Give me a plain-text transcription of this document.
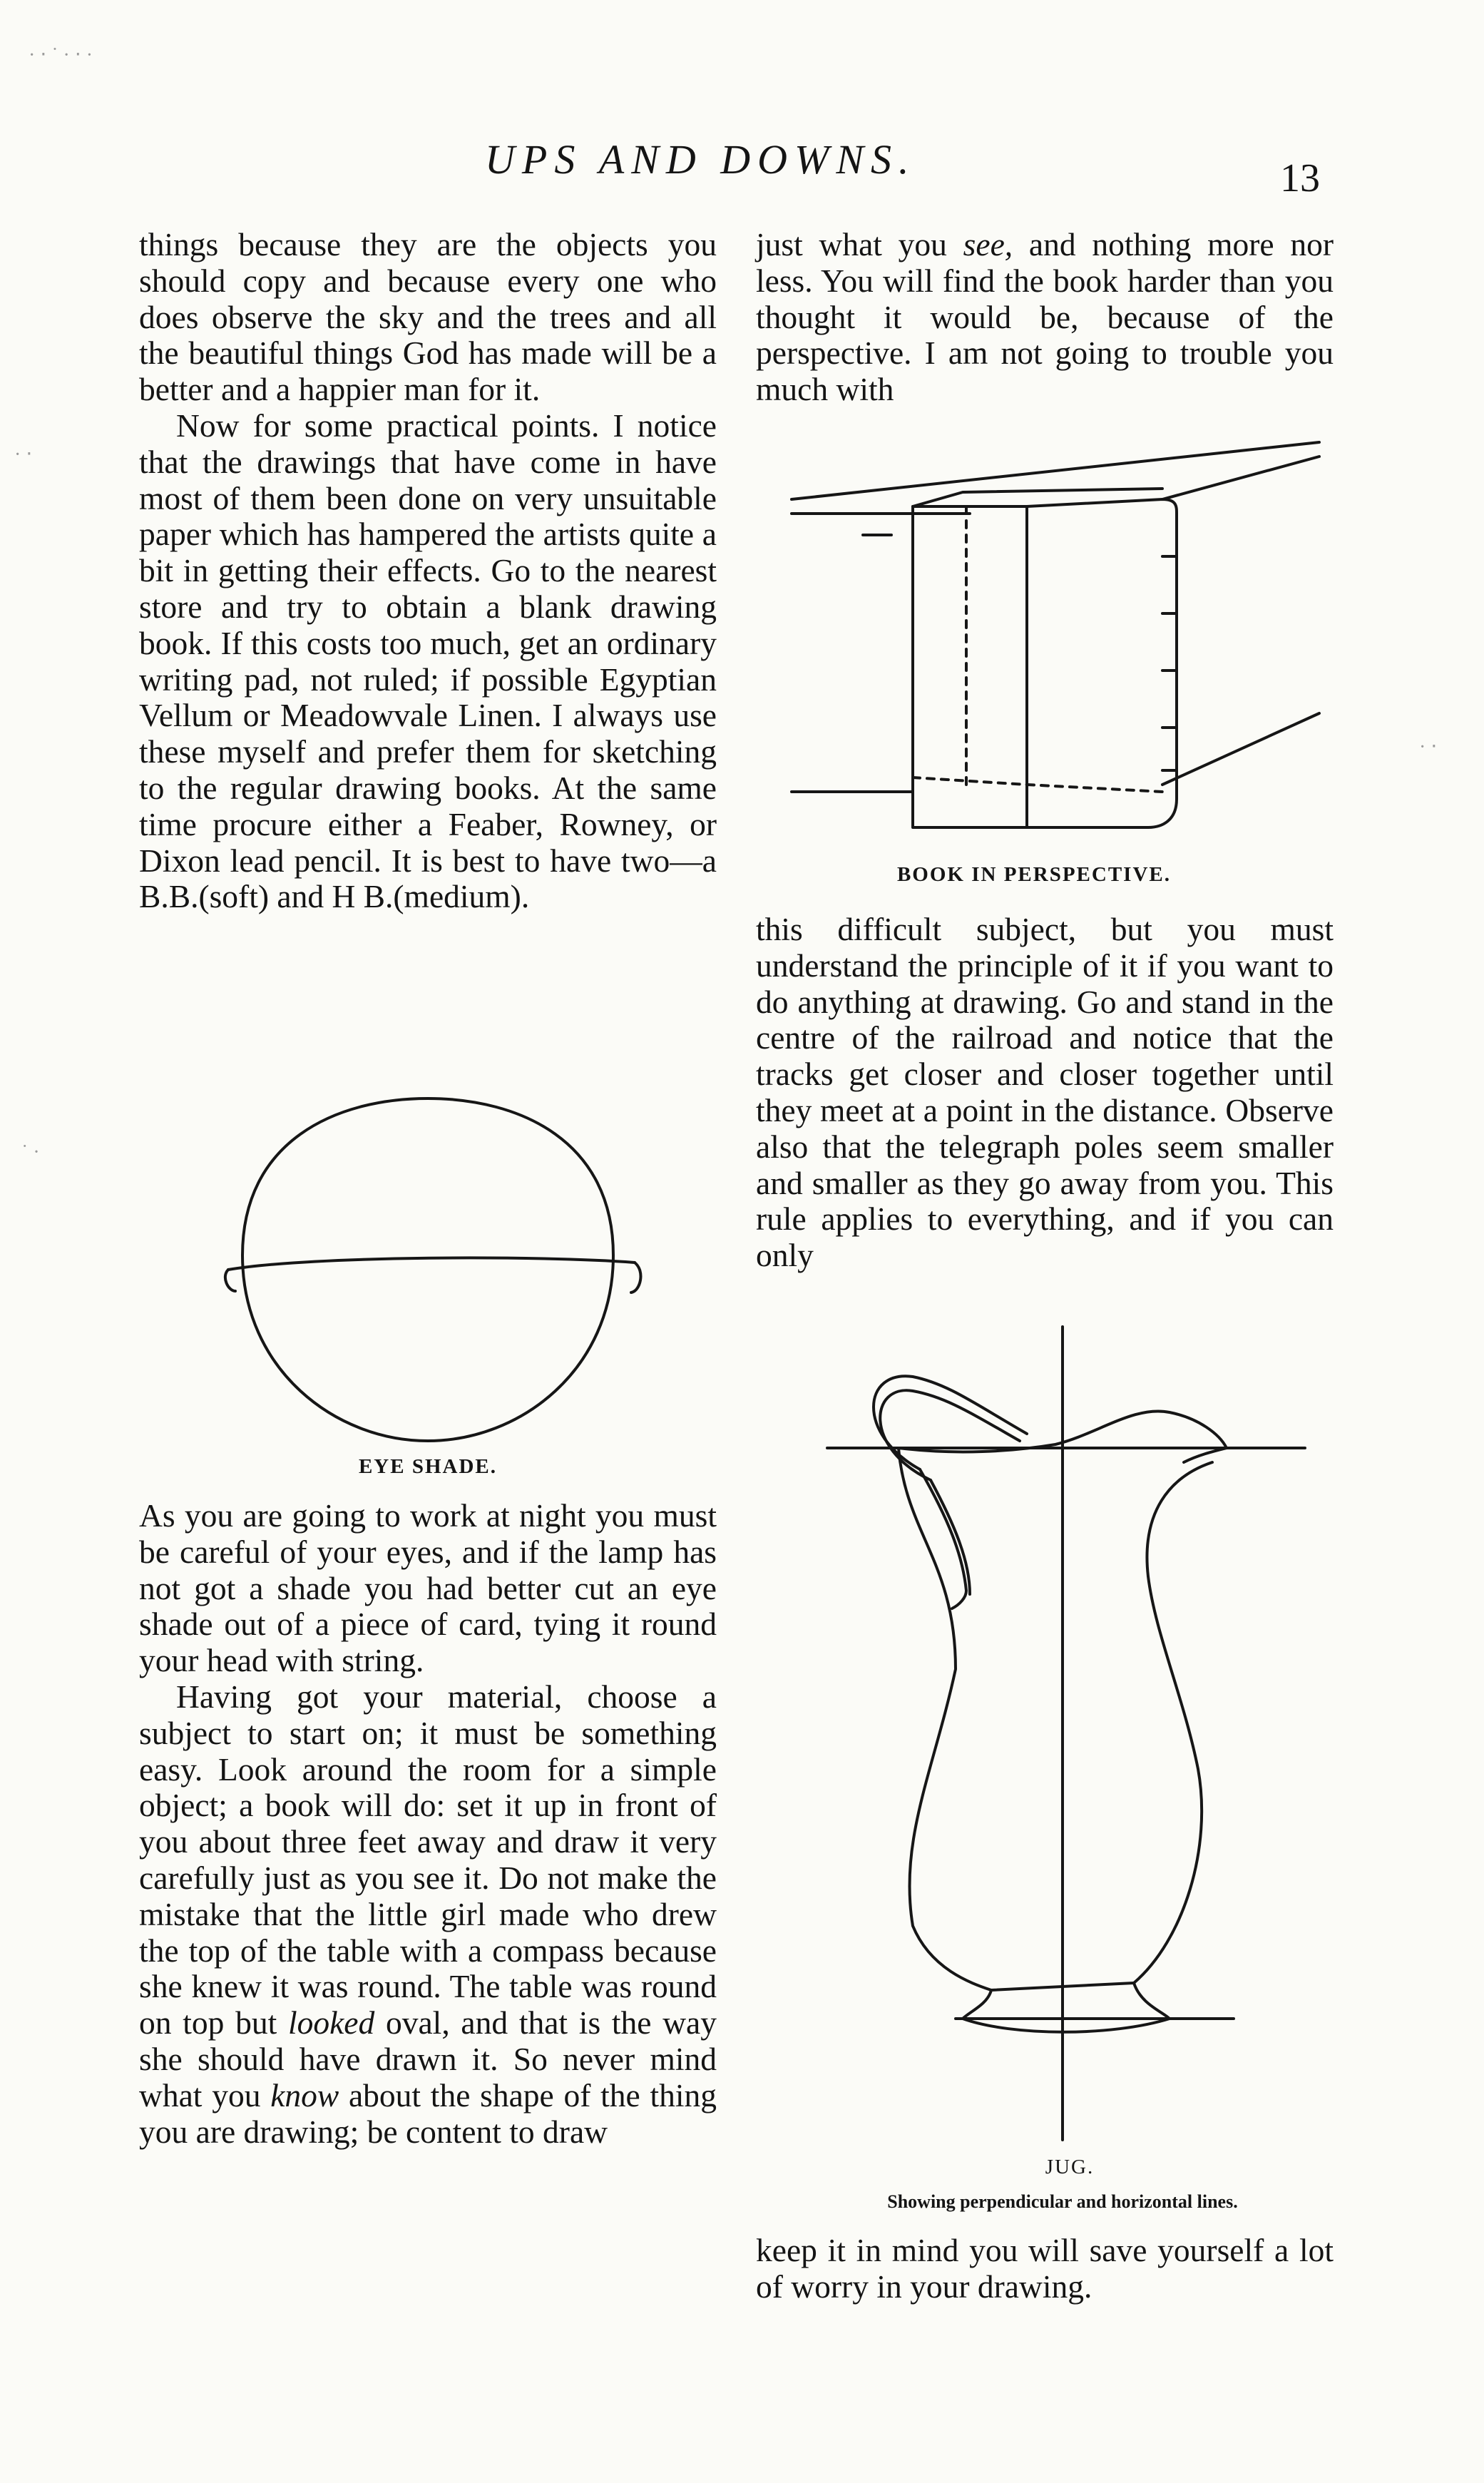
· ‧ ˙ · ‧ ·
· ‧
˙ ·
· ‧
UPS AND DOWNS.	13

things because they are the objects you should copy and because every one who does observe the sky and the trees and all the beautiful things God has made will be a better and a happier man for it.

Now for some practical points. I notice that the drawings that have come in have most of them been done on very unsuitable paper which has hampered the artists quite a bit in getting their effects. Go to the nearest store and try to obtain a blank drawing book. If this costs too much, get an ordinary writing pad, not ruled; if possible Egyptian Vellum or Meadowvale Linen. I always use these myself and prefer them for sketching to the regular drawing books. At the same time procure either a Feaber, Rowney, or Dixon lead pencil. It is best to have two—a B.B.(soft) and H B.(medium).

EYE SHADE.

As you are going to work at night you must be careful of your eyes, and if the lamp has not got a shade you had better cut an eye shade out of a piece of card, tying it round your head with string.

Having got your material, choose a subject to start on; it must be something easy. Look around the room for a simple object; a book will do: set it up in front of you about three feet away and draw it very carefully just as you see it. Do not make the mistake that the little girl made who drew the top of the table with a compass because she knew it was round. The table was round on top but looked oval, and that is the way she should have drawn it. So never mind what you know about the shape of the thing you are drawing; be content to draw

just what you see, and nothing more nor less. You will find the book harder than you thought it would be, because of the perspective. I am not going to trouble you much with

BOOK IN PERSPECTIVE.

this difficult subject, but you must understand the principle of it if you want to do anything at drawing. Go and stand in the centre of the railroad and notice that the tracks get closer and closer together until they meet at a point in the distance. Observe also that the telegraph poles seem smaller and smaller as they go away from you. This rule applies to everything, and if you can only

JUG.
Showing perpendicular and horizontal lines.

keep it in mind you will save yourself a lot of worry in your drawing.
